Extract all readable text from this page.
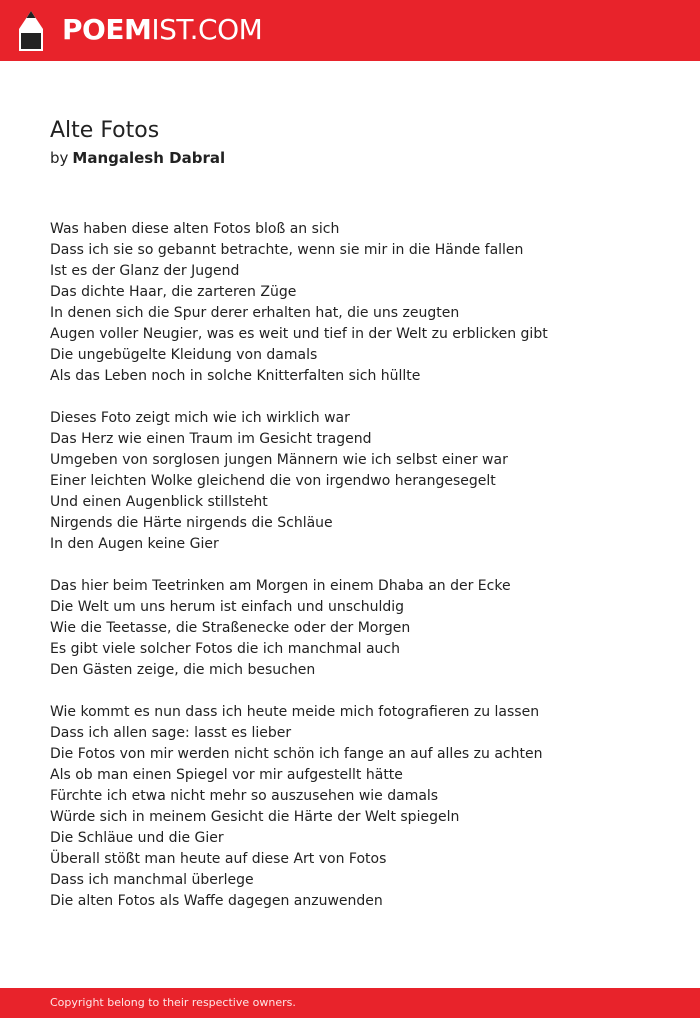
POEMIST.COM
Alte Fotos
by Mangalesh Dabral
Was haben diese alten Fotos bloß an sich
Dass ich sie so gebannt betrachte, wenn sie mir in die Hände fallen
Ist es der Glanz der Jugend
Das dichte Haar, die zarteren Züge
In denen sich die Spur derer erhalten hat, die uns zeugten
Augen voller Neugier, was es weit und tief in der Welt zu erblicken gibt
Die ungebügelte Kleidung von damals
Als das Leben noch in solche Knitterfalten sich hüllte
Dieses Foto zeigt mich wie ich wirklich war
Das Herz wie einen Traum im Gesicht tragend
Umgeben von sorglosen jungen Männern wie ich selbst einer war
Einer leichten Wolke gleichend die von irgendwo herangesegelt
Und einen Augenblick stillsteht
Nirgends die Härte nirgends die Schläue
In den Augen keine Gier
Das hier beim Teetrinken am Morgen in einem Dhaba an der Ecke
Die Welt um uns herum ist einfach und unschuldig
Wie die Teetasse, die Straßenecke oder der Morgen
Es gibt viele solcher Fotos die ich manchmal auch
Den Gästen zeige, die mich besuchen
Wie kommt es nun dass ich heute meide mich fotografieren zu lassen
Dass ich allen sage: lasst es lieber
Die Fotos von mir werden nicht schön ich fange an auf alles zu achten
Als ob man einen Spiegel vor mir aufgestellt hätte
Fürchte ich etwa nicht mehr so auszusehen wie damals
Würde sich in meinem Gesicht die Härte der Welt spiegeln
Die Schläue und die Gier
Überall stößt man heute auf diese Art von Fotos
Dass ich manchmal überlege
Die alten Fotos als Waffe dagegen anzuwenden
Copyright belong to their respective owners.
